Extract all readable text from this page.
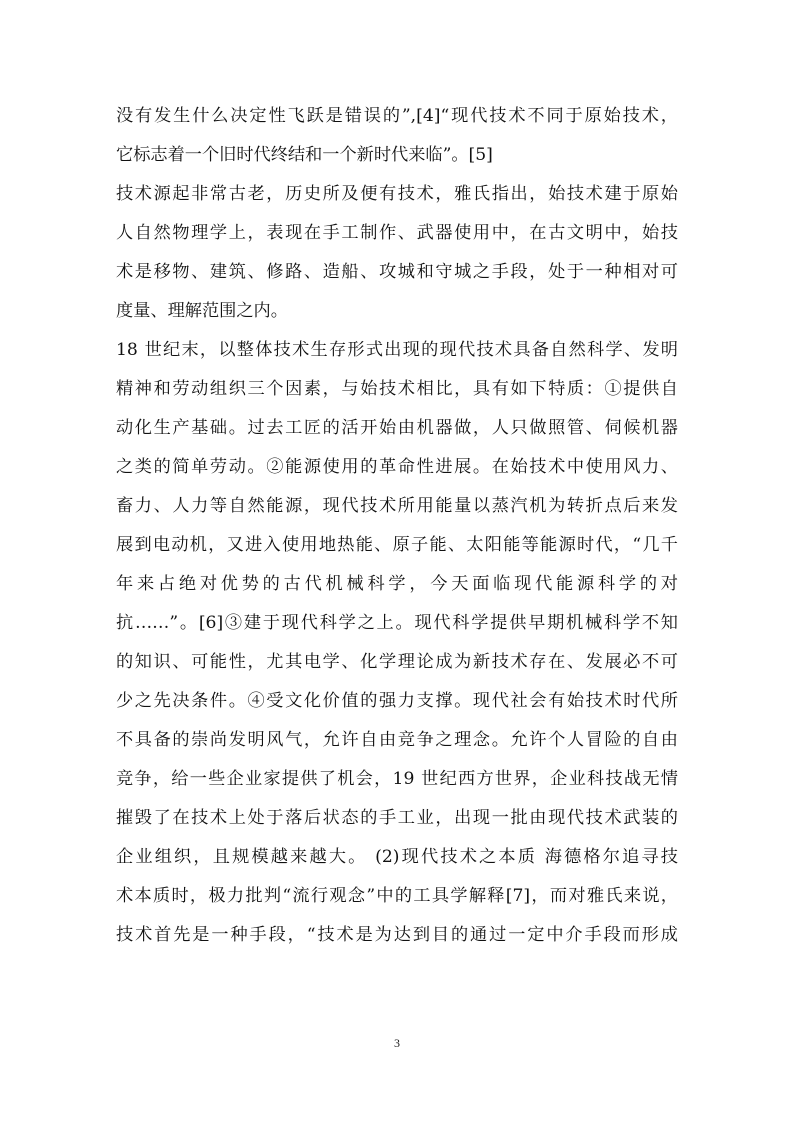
没有发生什么决定性飞跃是错误的”,[4]“现代技术不同于原始技术，
它标志着一个旧时代终结和一个新时代来临”。[5]
技术源起非常古老，历史所及便有技术，雅氏指出，始技术建于原始
人自然物理学上，表现在手工制作、武器使用中，在古文明中，始技
术是移物、建筑、修路、造船、攻城和守城之手段，处于一种相对可
度量、理解范围之内。
18 世纪末，以整体技术生存形式出现的现代技术具备自然科学、发明
精神和劳动组织三个因素，与始技术相比，具有如下特质：①提供自
动化生产基础。过去工匠的活开始由机器做，人只做照管、伺候机器
之类的简单劳动。②能源使用的革命性进展。在始技术中使用风力、
畜力、人力等自然能源，现代技术所用能量以蒸汽机为转折点后来发
展到电动机，又进入使用地热能、原子能、太阳能等能源时代，“几千
年来占绝对优势的古代机械科学，今天面临现代能源科学的对
抗……”。[6]③建于现代科学之上。现代科学提供早期机械科学不知
的知识、可能性，尤其电学、化学理论成为新技术存在、发展必不可
少之先决条件。④受文化价值的强力支撑。现代社会有始技术时代所
不具备的崇尚发明风气，允许自由竞争之理念。允许个人冒险的自由
竞争，给一些企业家提供了机会，19 世纪西方世界，企业科技战无情
摧毁了在技术上处于落后状态的手工业，出现一批由现代技术武装的
企业组织，且规模越来越大。 (2)现代技术之本质 海德格尔追寻技
术本质时，极力批判“流行观念”中的工具学解释[7]，而对雅氏来说，
技术首先是一种手段，“技术是为达到目的通过一定中介手段而形成
3
